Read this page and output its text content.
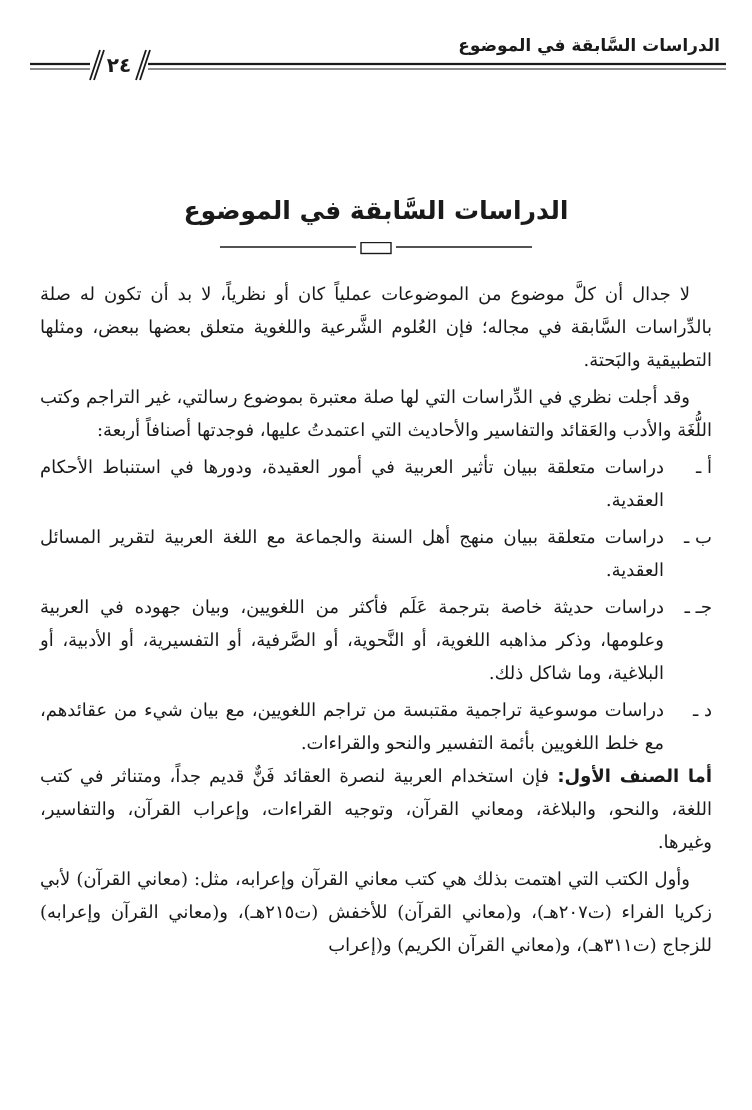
الدراسات السَّابقة في الموضوع
٢٤
الدراسات السَّابقة في الموضوع

لا جدال أن كلَّ موضوع من الموضوعات عملياً كان أو نظرياً، لا بد أن تكون له صلة بالدِّراسات السَّابقة في مجاله؛ فإن العُلوم الشَّرعية واللغوية متعلق بعضها ببعض، ومثلها التطبيقية والبَحتة.

وقد أجلت نظري في الدِّراسات التي لها صلة معتبرة بموضوع رسالتي، غير التراجم وكتب اللُّغَة والأدب والعَقائد والتفاسير والأحاديث التي اعتمدتُ عليها، فوجدتها أصنافاً أربعة:

أ ـ
دراسات متعلقة ببيان تأثير العربية في أمور العقيدة، ودورها في استنباط الأحكام العقدية.
ب ـ
دراسات متعلقة ببيان منهج أهل السنة والجماعة مع اللغة العربية لتقرير المسائل العقدية.
جـ ـ
دراسات حديثة خاصة بترجمة عَلَم فأكثر من اللغويين، وبيان جهوده في العربية وعلومها، وذكر مذاهبه اللغوية، أو النَّحوية، أو الصَّرفية، أو التفسيرية، أو الأدبية، أو البلاغية، وما شاكل ذلك.
د ـ
دراسات موسوعية تراجمية مقتبسة من تراجم اللغويين، مع بيان شيء من عقائدهم، مع خلط اللغويين بأئمة التفسير والنحو والقراءات.

أما الصنف الأول: فإن استخدام العربية لنصرة العقائد فَنٌّ قديم جداً، ومتناثر في كتب اللغة، والنحو، والبلاغة، ومعاني القرآن، وتوجيه القراءات، وإعراب القرآن، والتفاسير، وغيرها.

وأول الكتب التي اهتمت بذلك هي كتب معاني القرآن وإعرابه، مثل: (معاني القرآن) لأبي زكريا الفراء (ت٢٠٧هـ)، و(معاني القرآن) للأخفش (ت٢١٥هـ)، و(معاني القرآن وإعرابه) للزجاج (ت٣١١هـ)، و(معاني القرآن الكريم) و(إعراب
